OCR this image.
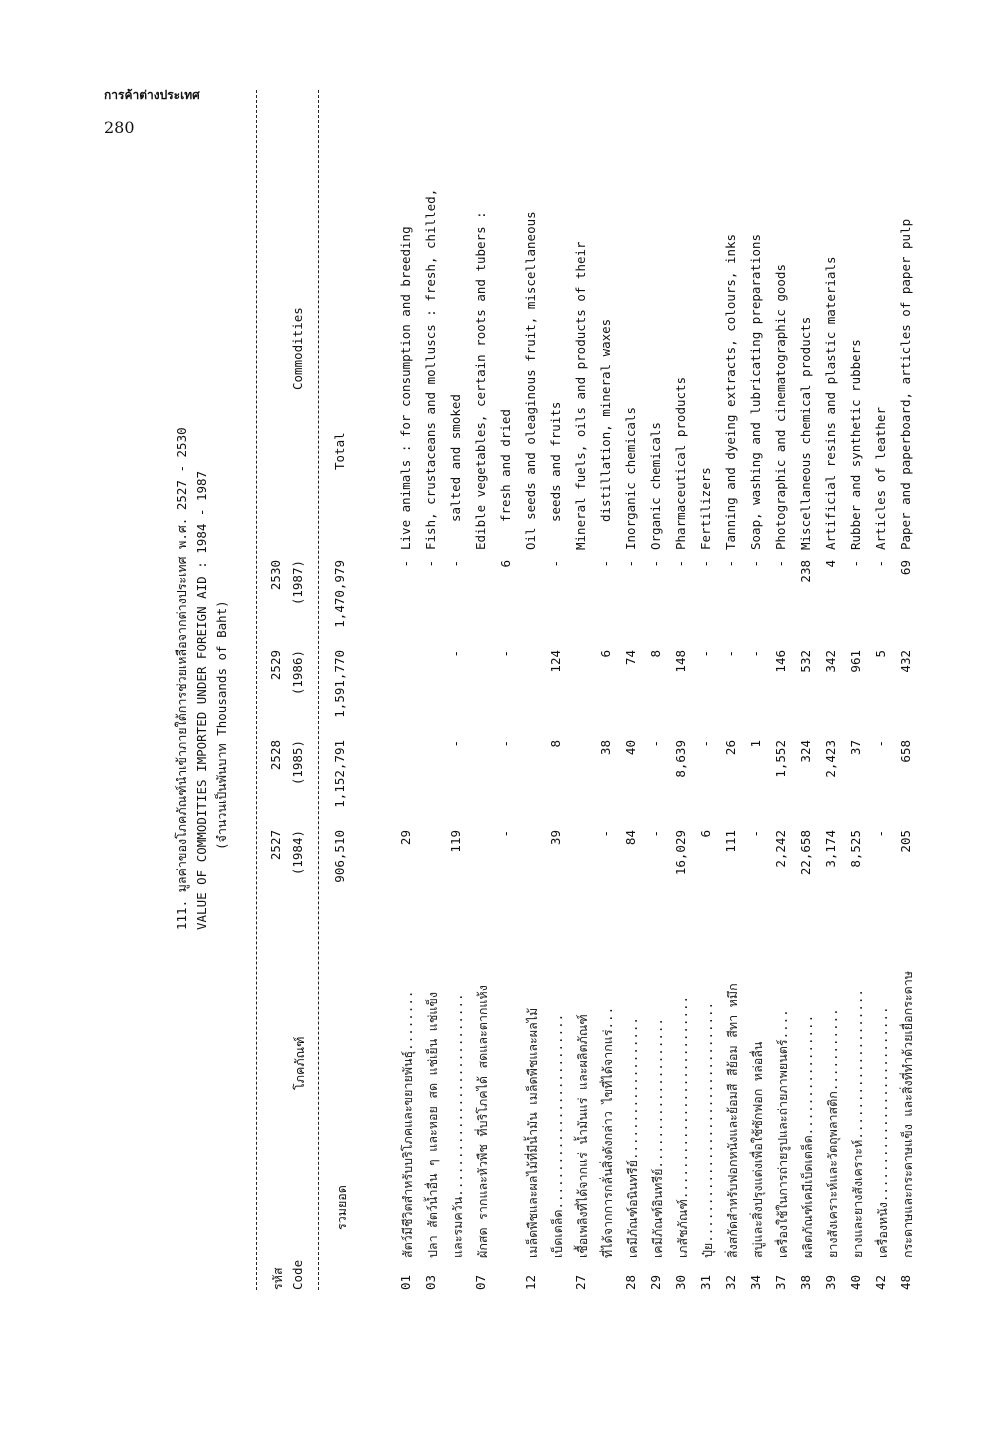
การค้าต่างประเทศ
280
111. มูลค่าของโภคภัณฑ์นำเข้าภายใต้การช่วยเหลือจากต่างประเทศ พ.ศ. 2527 - 2530 VALUE OF COMMODITIES IMPORTED UNDER FOREIGN AID : 1984 - 1987 (จำนวนเป็นพันบาท Thousands of Baht)
รหัส Code
โภคภัณฑ์
2527 (1984)
2528 (1985)
2529 (1986)
2530 (1987)
Commodities
รวมยอด
906,510
1,152,791
1,591,770
1,470,979
Total
01
สัตว์มีชีวิตสำหรับบริโภคและขยายพันธุ์........
29
-
Live animals : for consumption and breeding
03
ปลา สัตว์น้ำอื่น ๆ และหอย สด แช่เย็น แช่แข็ง
-
Fish, crustaceans and molluscs : fresh, chilled,
และรมควัน...........................
119
-
-
-
salted and smoked
07
ผักสด รากและหัวพืช ที่บริโภคได้ สดและตากแห้ง
Edible vegetables, certain roots and tubers :
-
-
-
6
fresh and dried
12
เมล็ดพืชและผลไม้ที่มีน้ำมัน เมล็ดพืชและผลไม้
Oil seeds and oleaginous fruit, miscellaneous
เบ็ดเตล็ด..........................
39
8
124
-
seeds and fruits
27
เชื้อเพลิงที่ได้จากแร่ น้ำมันแร่ และผลิตภัณฑ์
Mineral fuels, oils and products of their
ที่ได้จากการกลั่นสิ่งดังกล่าว ไขที่ได้จากแร่...
-
38
6
-
distillation, mineral waxes
28
เคมีภัณฑ์อนินทรีย์...................
84
40
74
-
Inorganic chemicals
29
เคมีภัณฑ์อินทรีย์....................
-
-
8
-
Organic chemicals
30
เภสัชภัณฑ์...........................
16,029
8,639
148
-
Pharmaceutical products
31
ปุ๋ย................................
6
-
-
-
Fertilizers
32
สิ่งสกัดสำหรับฟอกหนังและย้อมสี สีย้อม สีทา หมึก
111
26
-
-
Tanning and dyeing extracts, colours, inks
34
สบู่และสิ่งปรุงแต่งเพื่อใช้ซักฟอก หล่อลื่น
-
1
-
-
Soap, washing and lubricating preparations
37
เครื่องใช้ในการถ่ายรูปและถ่ายภาพยนตร์....
2,242
1,552
146
-
Photographic and cinematographic goods
38
ผลิตภัณฑ์เคมีเบ็ดเตล็ด................
22,658
324
532
238
Miscellaneous chemical products
39
ยางสังเคราะห์และวัตถุพลาสติก...........
3,174
2,423
342
4
Artificial resins and plastic materials
40
ยางและยางสังเคราะห์....................
8,525
37
961
-
Rubber and synthetic rubbers
42
เครื่องหนัง..........................
-
-
5
-
Articles of leather
48
กระดาษและกระดาษแข็ง และสิ่งที่ทำด้วยเยื่อกระดาษ
205
658
432
69
Paper and paperboard, articles of paper pulp
